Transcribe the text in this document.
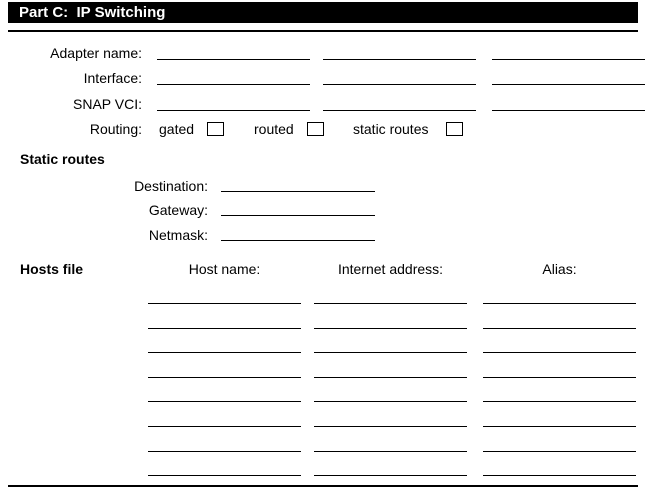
Part C:  IP Switching
Adapter name:
Interface:
SNAP VCI:
Routing: gated	routed	static routes
Static routes
Destination:
Gateway:
Netmask:
Hosts file	Host name:	Internet address:	Alias:
